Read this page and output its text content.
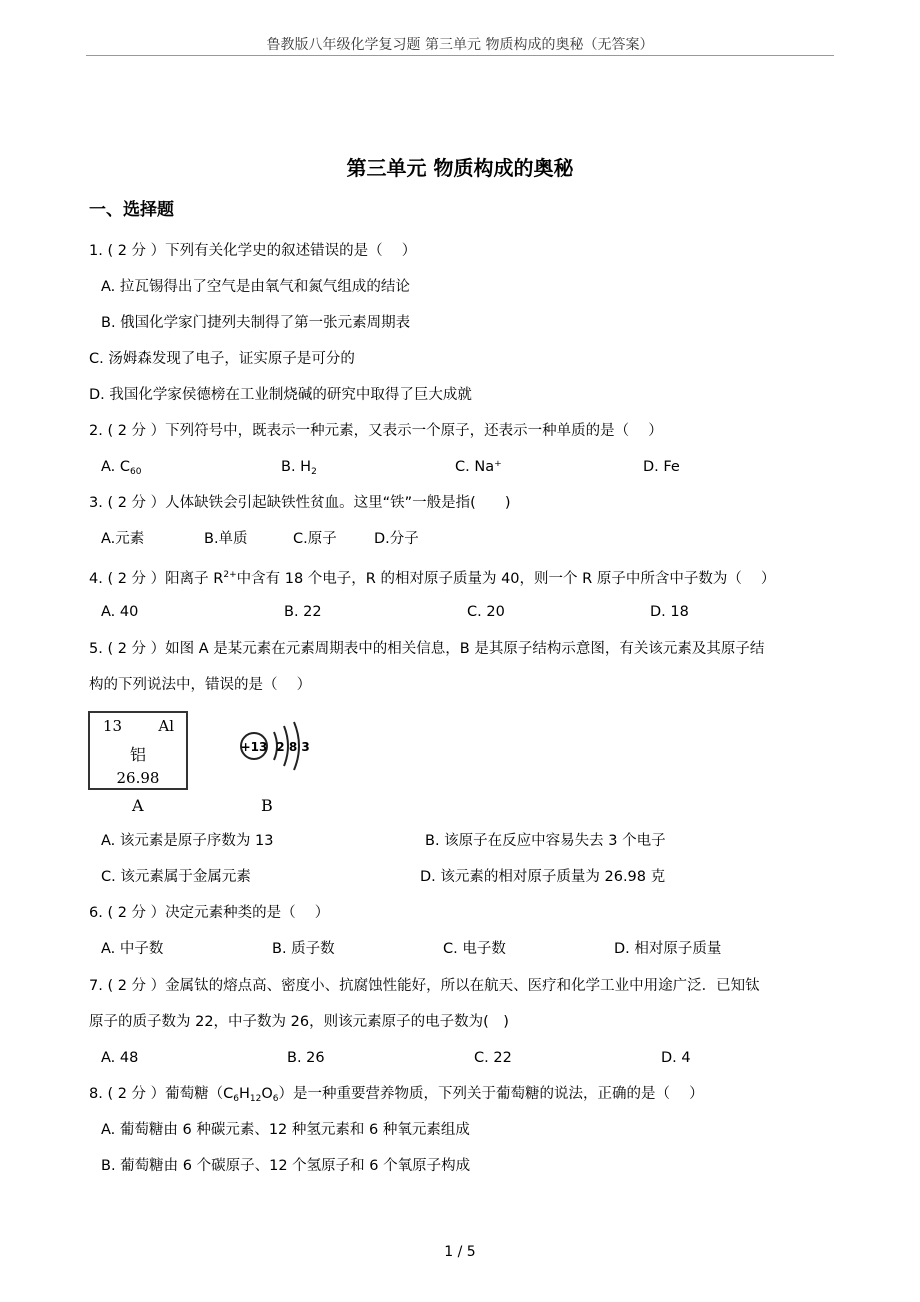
鲁教版八年级化学复习题 第三单元 物质构成的奥秘（无答案）
第三单元 物质构成的奥秘
一、选择题
1. ( 2 分 ）下列有关化学史的叙述错误的是（　 ）
A. 拉瓦锡得出了空气是由氧气和氮气组成的结论
B. 俄国化学家门捷列夫制得了第一张元素周期表
C. 汤姆森发现了电子，证实原子是可分的
D. 我国化学家侯德榜在工业制烧碱的研究中取得了巨大成就
2. ( 2 分 ）下列符号中，既表示一种元素，又表示一个原子，还表示一种单质的是（　 ）
A. $C_{60}$	B. $H_2$	C. Na⁺	D. Fe
3. ( 2 分 ）人体缺铁会引起缺铁性贫血。这里“铁”一般是指(　　)
A.元素	B.单质	C.原子	D.分子
4. ( 2 分 ）阳离子 $R^{2+}$中含有 18 个电子，R 的相对原子质量为 40，则一个 R 原子中所含中子数为（　 ）
A. 40	B. 22	C. 20	D. 18
5. ( 2 分 ）如图 A 是某元素在元素周期表中的相关信息，B 是其原子结构示意图，有关该元素及其原子结
构的下列说法中，错误的是（　 ）
13 Al
铝
26.98
A
+13 2 8 3
B
A. 该元素是原子序数为 13	B. 该原子在反应中容易失去 3 个电子
C. 该元素属于金属元素	D. 该元素的相对原子质量为 26.98 克
6. ( 2 分 ）决定元素种类的是（　 ）
A. 中子数	B. 质子数	C. 电子数	D. 相对原子质量
7. ( 2 分 ）金属钛的熔点高、密度小、抗腐蚀性能好，所以在航天、医疗和化学工业中用途广泛．已知钛
原子的质子数为 22，中子数为 26，则该元素原子的电子数为(　)
A. 48	B. 26	C. 22	D. 4
8. ( 2 分 ）葡萄糖$(C_6H_{12}O_6)$是一种重要营养物质，下列关于葡萄糖的说法，正确的是（　 ）
A. 葡萄糖由 6 种碳元素、12 种氢元素和 6 种氧元素组成
B. 葡萄糖由 6 个碳原子、12 个氢原子和 6 个氧原子构成
1 / 5
